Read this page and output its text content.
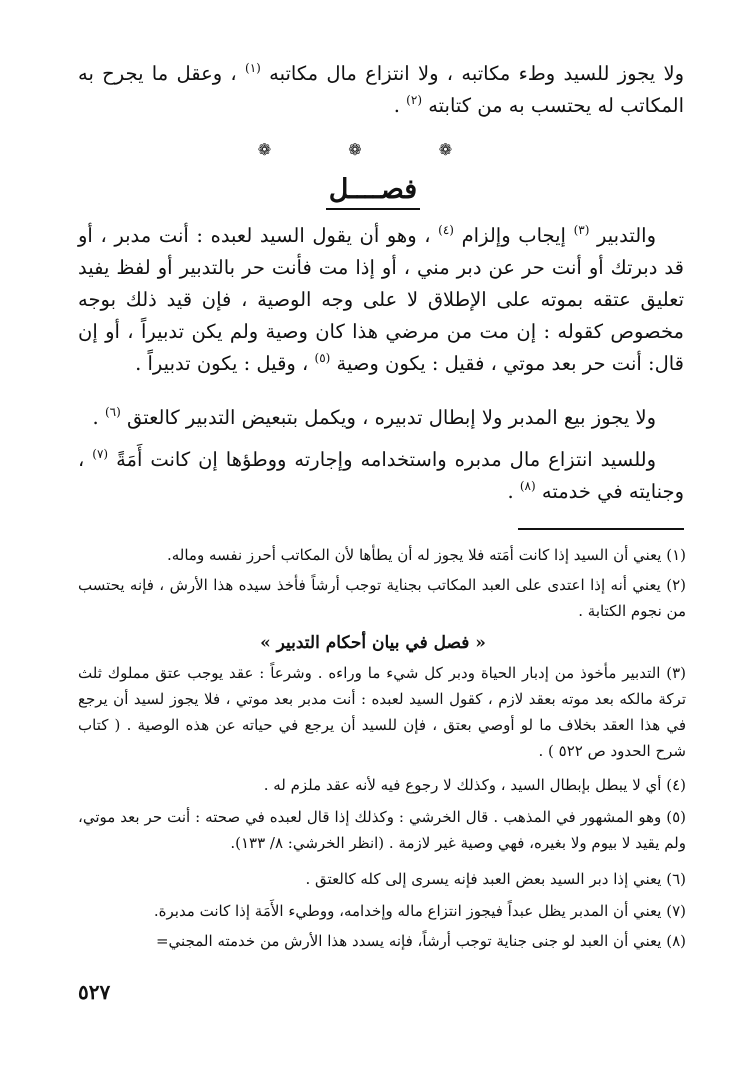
ولا يجوز للسيد وطء مكاتبه ، ولا انتزاع مال مكاتبه $^{(١)}$ ، وعقل ما يجرح به المكاتب له يحتسب به من كتابته $^{(٢)}$ .
❁ ❁ ❁
فصــــل
والتدبير $^{(٣)}$ إيجاب وإلزام $^{(٤)}$ ، وهو أن يقول السيد لعبده : أنت مدبر ، أو قد دبرتك أو أنت حر عن دبر مني ، أو إذا مت فأنت حر بالتدبير أو لفظ يفيد تعليق عتقه بموته على الإطلاق لا على وجه الوصية ، فإن قيد ذلك بوجه مخصوص كقوله : إن مت من مرضي هذا كان وصية ولم يكن تدبيراً ، أو إن قال: أنت حر بعد موتي ، فقيل : يكون وصية $^{(٥)}$ ، وقيل : يكون تدبيراً .
ولا يجوز بيع المدبر ولا إبطال تدبيره ، ويكمل بتبعيض التدبير كالعتق $^{(٦)}$ .
وللسيد انتزاع مال مدبره واستخدامه وإجارته ووطؤها إن كانت أَمَةً $^{(٧)}$ ، وجنايته في خدمته $^{(٨)}$ .
(١) يعني أن السيد إذا كانت أمَته فلا يجوز له أن يطأها لأن المكاتب أحرز نفسه وماله.
(٢) يعني أنه إذا اعتدى على العبد المكاتب بجناية توجب أرشاً فأخذ سيده هذا الأرش ، فإنه يحتسب من نجوم الكتابة .
« فصل في بيان أحكام التدبير »
(٣) التدبير مأخوذ من إدبار الحياة ودبر كل شيء ما وراءه . وشرعاً : عقد يوجب عتق مملوك ثلث تركة مالكه بعد موته بعقد لازم ، كقول السيد لعبده : أنت مدبر بعد موتي ، فلا يجوز لسيد أن يرجع في هذا العقد بخلاف ما لو أوصي بعتق ، فإن للسيد أن يرجع في حياته عن هذه الوصية . ( كتاب شرح الحدود ص ٥٢٢ ) .
(٤) أي لا يبطل بإبطال السيد ، وكذلك لا رجوع فيه لأنه عقد ملزم له .
(٥) وهو المشهور في المذهب . قال الخرشي : وكذلك إذا قال لعبده في صحته : أنت حر بعد موتي، ولم يقيد لا بيوم ولا بغيره، فهي وصية غير لازمة . (انظر الخرشي: ٨/ ١٣٣).
(٦) يعني إذا دبر السيد بعض العبد فإنه يسرى إلى كله كالعتق .
(٧) يعني أن المدبر يظل عبداً فيجوز انتزاع ماله وإخدامه، ووطيء الأَمَة إذا كانت مدبرة.
(٨) يعني أن العبد لو جنى جناية توجب أرشاً، فإنه يسدد هذا الأرش من خدمته المجني=
٥٢٧
